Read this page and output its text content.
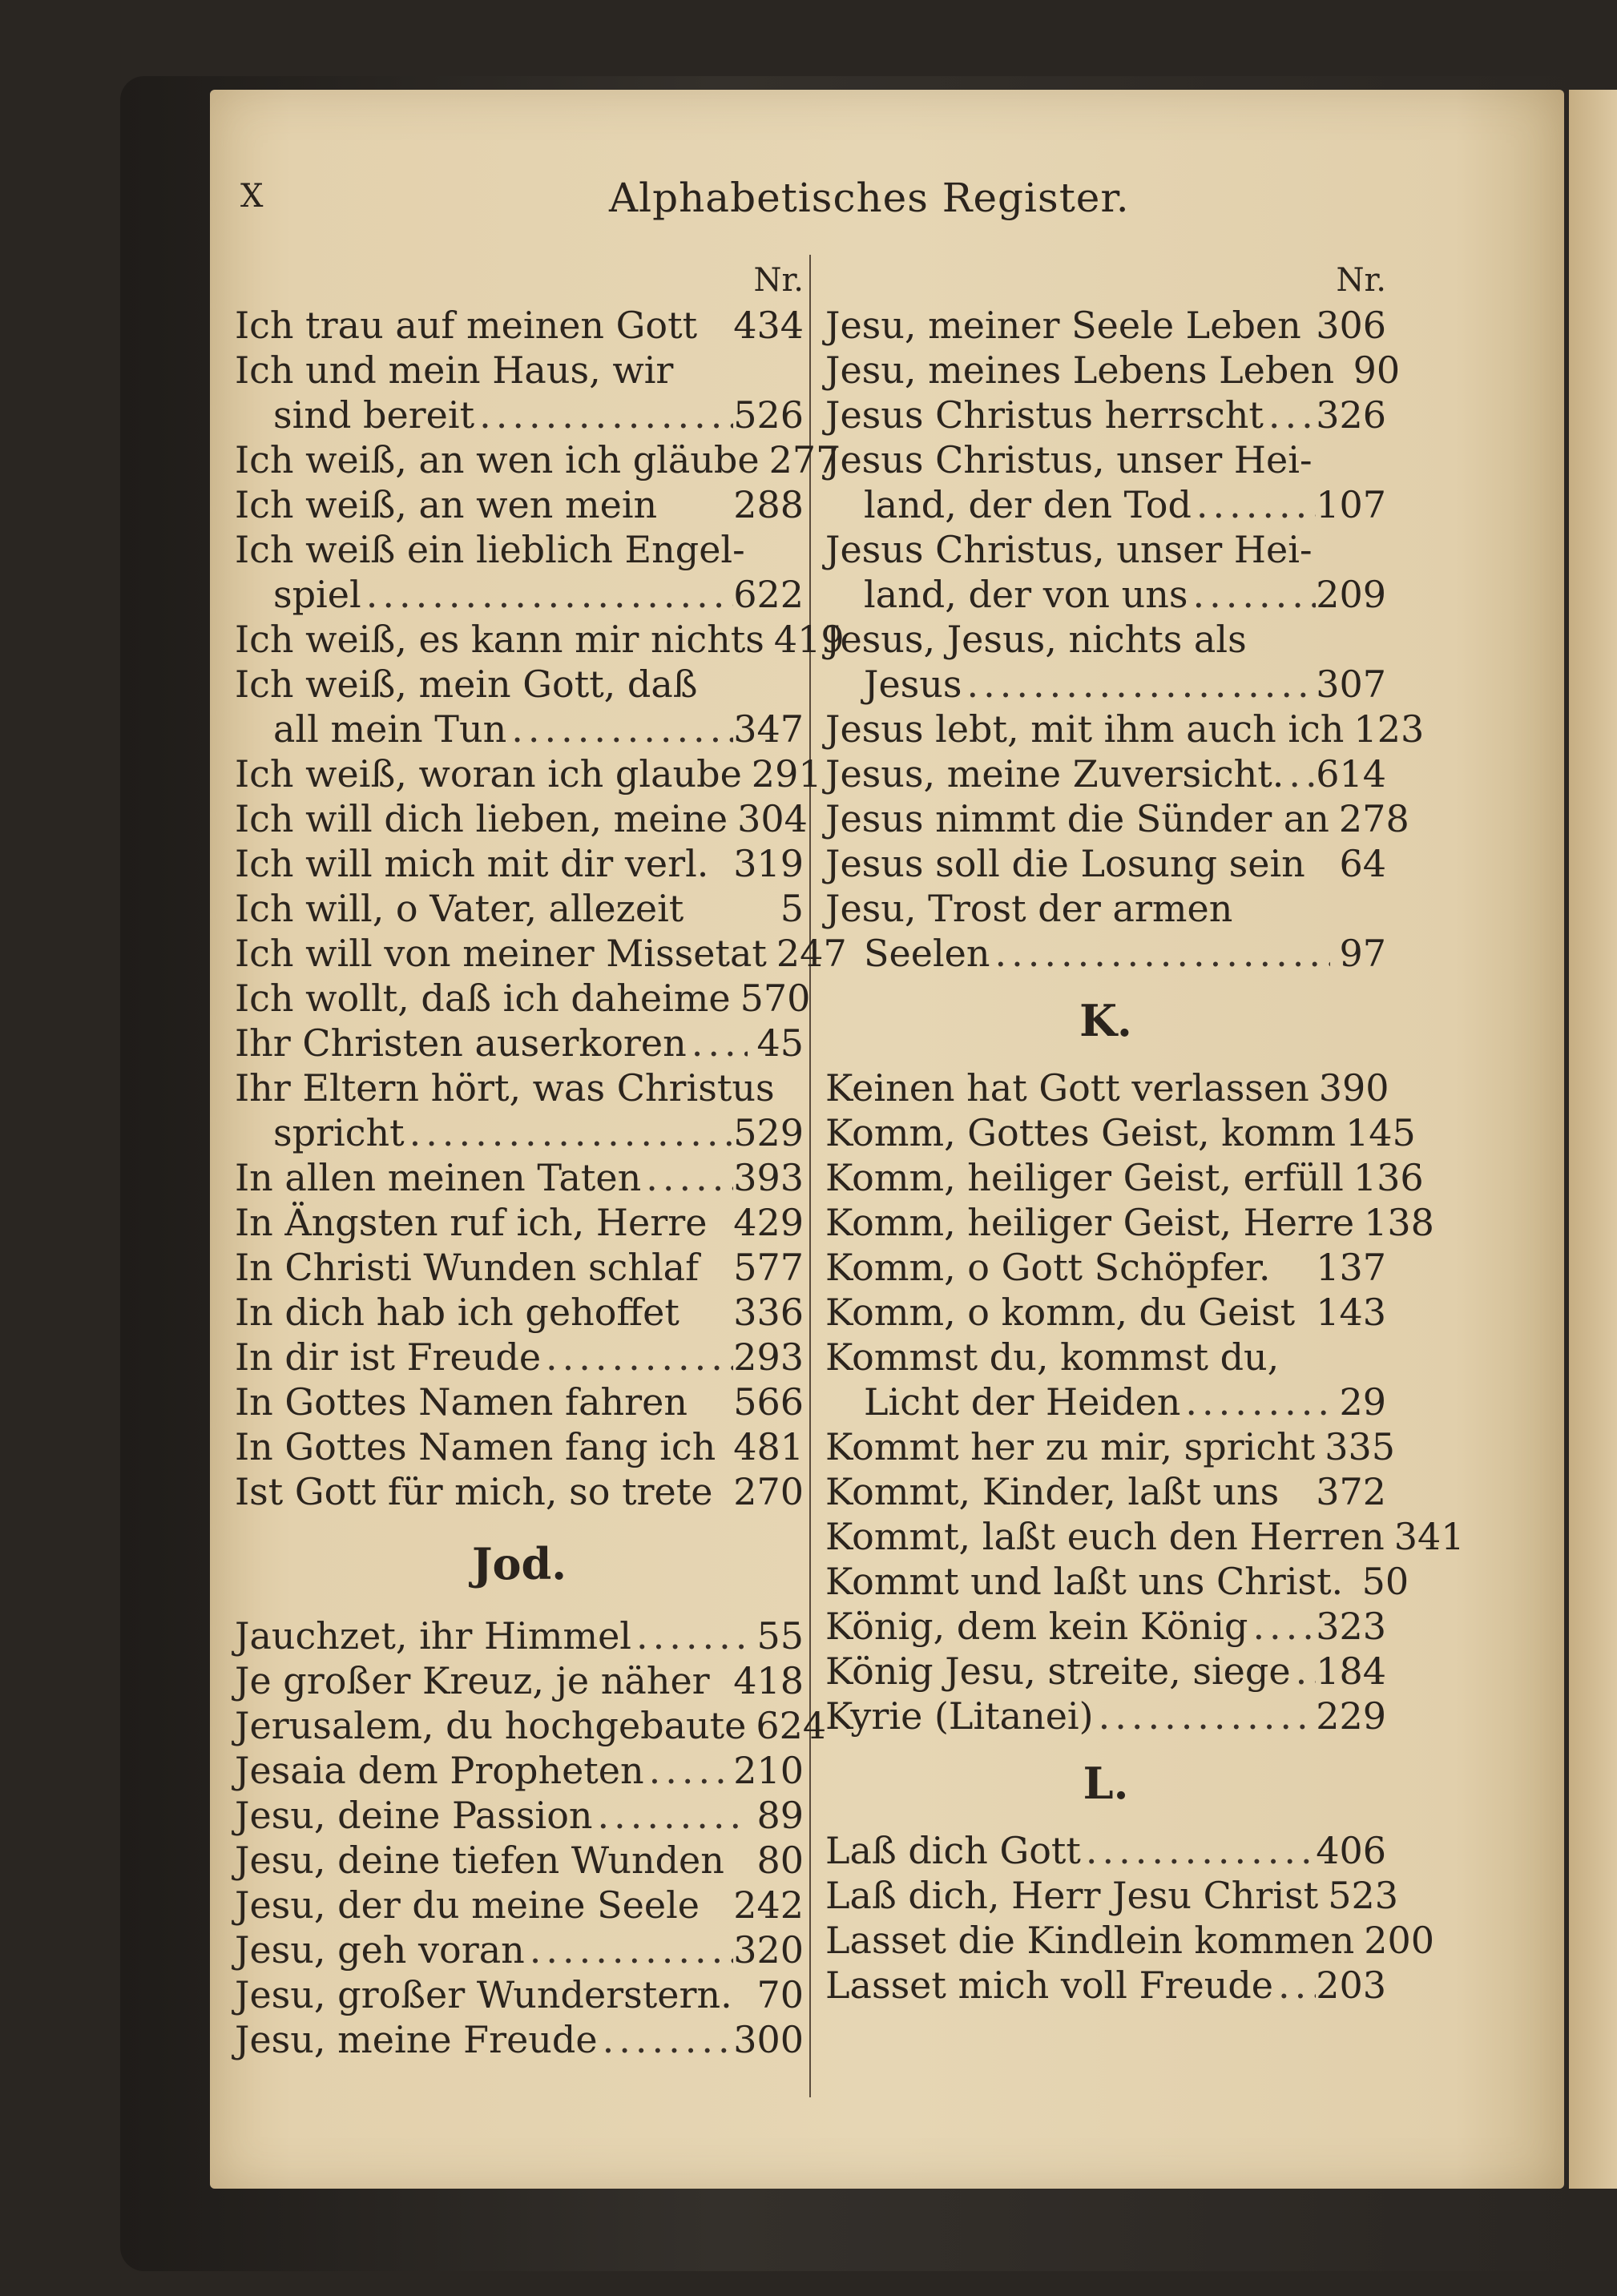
X	Alphabetisches Register.
Nr.
Ich trau auf meinen Gott 434
Ich und mein Haus, wir
sind bereit .....	526
Ich weiß, an wen ich gläube 277
Ich weiß, an wen mein 288
Ich weiß ein lieblich Engel-
spiel .....	622
Ich weiß, es kann mir nichts 419
Ich weiß, mein Gott, daß
all mein Tun .....	347
Ich weiß, woran ich glaube 291
Ich will dich lieben, meine 304
Ich will mich mit dir verl. 319
Ich will, o Vater, allezeit	5
Ich will von meiner Missetat 247
Ich wollt, daß ich daheime 570
Ihr Christen auserkoren ..... 45
Ihr Eltern hört, was Christus
spricht .....	529
In allen meinen Taten ..... 393
In Ängsten ruf ich, Herre 429
In Christi Wunden schlaf 577
In dich hab ich gehoffet 336
In dir ist Freude .....	293
In Gottes Namen fahren 566
In Gottes Namen fang ich 481
Ist Gott für mich, so trete 270
Jod.
Jauchzet, ihr Himmel .....	55
Je großer Kreuz, je näher 418
Jerusalem, du hochgebaute 624
Jesaia dem Propheten ..... 210
Jesu, deine Passion .....	89
Jesu, deine tiefen Wunden 80
Jesu, der du meine Seele 242
Jesu, geh voran .....	320
Jesu, großer Wunderstern. 70
Jesu, meine Freude .....	300
Nr.
Jesu, meiner Seele Leben 306
Jesu, meines Lebens Leben 90
Jesus Christus herrscht ..... 326
Jesus Christus, unser Hei-
land, der den Tod .....	107
Jesus Christus, unser Hei-
land, der von uns .....	209
Jesus, Jesus, nichts als
Jesus .....	307
Jesus lebt, mit ihm auch ich 123
Jesus, meine Zuversicht. ..... 614
Jesus nimmt die Sünder an 278
Jesus soll die Losung sein 64
Jesu, Trost der armen
Seelen .....	97
K.
Keinen hat Gott verlassen 390
Komm, Gottes Geist, komm 145
Komm, heiliger Geist, erfüll 136
Komm, heiliger Geist, Herre 138
Komm, o Gott Schöpfer. 137
Komm, o komm, du Geist 143
Kommst du, kommst du,
Licht der Heiden .....	29
Kommt her zu mir, spricht 335
Kommt, Kinder, laßt uns 372
Kommt, laßt euch den Herren 341
Kommt und laßt uns Christ. 50
König, dem kein König ..... 323
König Jesu, streite, siege ..... 184
Kyrie (Litanei) .....	229
L.
Laß dich Gott .....	406
Laß dich, Herr Jesu Christ 523
Lasset die Kindlein kommen 200
Lasset mich voll Freude ..... 203
